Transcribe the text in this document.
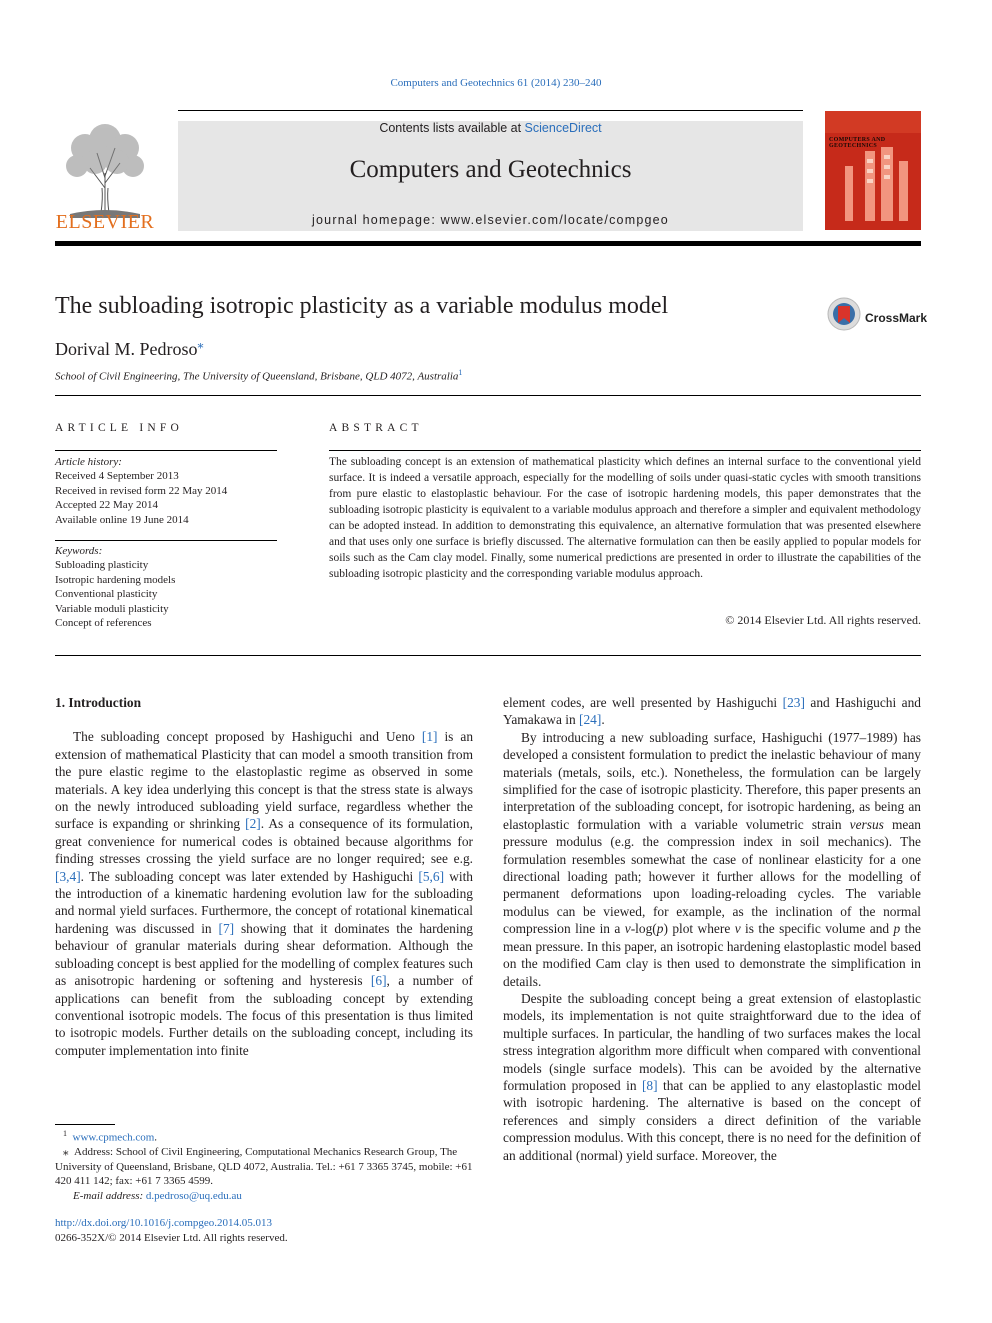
Computers and Geotechnics 61 (2014) 230–240
ELSEVIER
Contents lists available at ScienceDirect
Computers and Geotechnics
journal homepage: www.elsevier.com/locate/compgeo
COMPUTERS AND GEOTECHNICS
The subloading isotropic plasticity as a variable modulus model	CrossMark
Dorival M. Pedroso⁎
School of Civil Engineering, The University of Queensland, Brisbane, QLD 4072, Australia$^1$
ARTICLE INFO
Article history:
Received 4 September 2013
Received in revised form 22 May 2014
Accepted 22 May 2014
Available online 19 June 2014
Keywords:
Subloading plasticity
Isotropic hardening models
Conventional plasticity
Variable moduli plasticity
Concept of references
ABSTRACT
The subloading concept is an extension of mathematical plasticity which defines an internal surface to the conventional yield surface. It is indeed a versatile approach, especially for the modelling of soils under quasi-static cycles with smooth transitions from pure elastic to elastoplastic behaviour. For the case of isotropic hardening models, this paper demonstrates that the subloading isotropic plasticity is equivalent to a variable modulus approach and therefore a simpler and equivalent methodology can be adopted instead. In addition to demonstrating this equivalence, an alternative formulation that was presented elsewhere and that uses only one surface is briefly discussed. The alternative formulation can then be easily applied to popular models for soils such as the Cam clay model. Finally, some numerical predictions are presented in order to illustrate the capabilities of the subloading isotropic plasticity and the corresponding variable modulus approach.
© 2014 Elsevier Ltd. All rights reserved.

1. Introduction

The subloading concept proposed by Hashiguchi and Ueno [1] is an extension of mathematical Plasticity that can model a smooth transition from the pure elastic regime to the elastoplastic regime as observed in some materials. A key idea underlying this concept is that the stress state is always on the newly introduced subloading yield surface, regardless whether the surface is expanding or shrinking [2]. As a consequence of its formulation, great convenience for numerical codes is obtained because algorithms for finding stresses crossing the yield surface are no longer required; see e.g. [3,4]. The subloading concept was later extended by Hashiguchi [5,6] with the introduction of a kinematic hardening evolution law for the subloading and normal yield surfaces. Furthermore, the concept of rotational kinematical hardening was discussed in [7] showing that it dominates the hardening behaviour of granular materials during shear deformation. Although the subloading concept is best applied for the modelling of complex features such as anisotropic hardening or softening and hysteresis [6], a number of applications can benefit from the subloading concept by extending conventional isotropic models. The focus of this presentation is thus limited to isotropic models. Further details on the subloading concept, including its computer implementation into finite

element codes, are well presented by Hashiguchi [23] and Hashiguchi and Yamakawa in [24].

By introducing a new subloading surface, Hashiguchi (1977–1989) has developed a consistent formulation to predict the inelastic behaviour of many materials (metals, soils, etc.). Nonetheless, the formulation can be largely simplified for the case of isotropic plasticity. Therefore, this paper presents an interpretation of the subloading concept, for isotropic hardening, as being an elastoplastic formulation with a variable volumetric strain versus mean pressure modulus (e.g. the compression index in soil mechanics). The formulation resembles somewhat the case of nonlinear elasticity for a one directional loading path; however it further allows for the modelling of permanent deformations upon loading-reloading cycles. The variable modulus can be viewed, for example, as the inclination of the normal compression line in a v-log(p) plot where v is the specific volume and p the mean pressure. In this paper, an isotropic hardening elastoplastic model based on the modified Cam clay is then used to demonstrate the simplification in details.

Despite the subloading concept being a great extension of elastoplastic models, its implementation is not quite straightforward due to the idea of multiple surfaces. In particular, the handling of two surfaces makes the local stress integration algorithm more difficult when compared with conventional models (single surface models). This can be avoided by the alternative formulation proposed in [8] that can be applied to any elastoplastic model with isotropic hardening. The alternative is based on the concept of references and simply considers a direct definition of the variable compression modulus. With this concept, there is no need for the definition of an additional (normal) yield surface. Moreover, the

$^1$ www.cpmech.com.

⁎ Address: School of Civil Engineering, Computational Mechanics Research Group, The University of Queensland, Brisbane, QLD 4072, Australia. Tel.: +61 7 3365 3745, mobile: +61 420 411 142; fax: +61 7 3365 4599.

E-mail address: d.pedroso@uq.edu.au

http://dx.doi.org/10.1016/j.compgeo.2014.05.013
0266-352X/© 2014 Elsevier Ltd. All rights reserved.
